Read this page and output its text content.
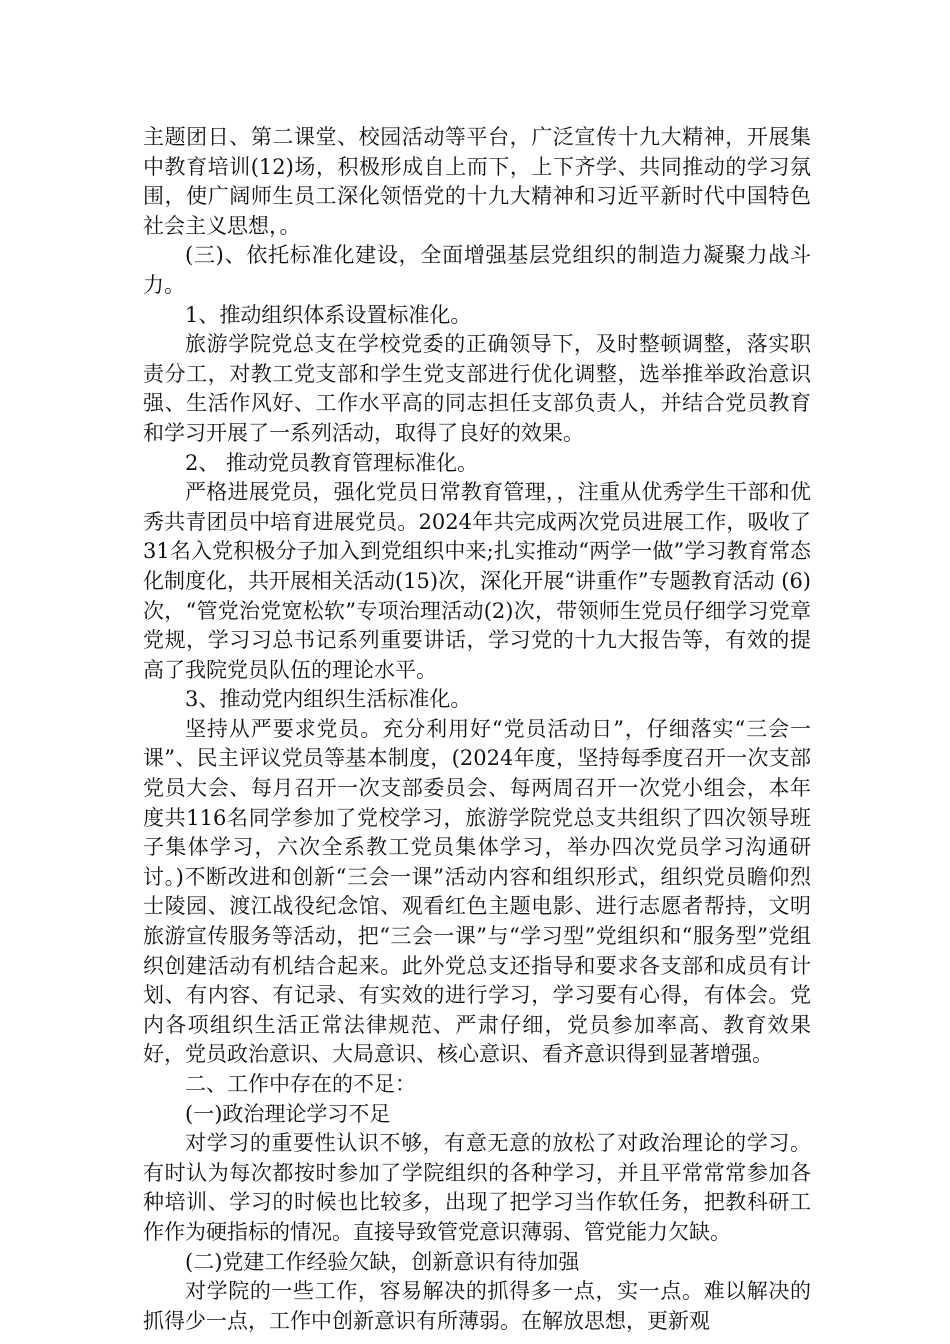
主题团日、第二课堂、校园活动等平台，广泛宣传十九大精神，开展集中教育培训(12)场，积极形成自上而下，上下齐学、共同推动的学习氛围，使广阔师生员工深化领悟党的十九大精神和习近平新时代中国特色社会主义思想，。

(三)、依托标准化建设，全面增强基层党组织的制造力凝聚力战斗力。

1、推动组织体系设置标准化。

旅游学院党总支在学校党委的正确领导下，及时整顿调整，落实职责分工，对教工党支部和学生党支部进行优化调整，选举推举政治意识强、生活作风好、工作水平高的同志担任支部负责人，并结合党员教育和学习开展了一系列活动，取得了良好的效果。

2、 推动党员教育管理标准化。

严格进展党员，强化党员日常教育管理，，注重从优秀学生干部和优秀共青团员中培育进展党员。2024年共完成两次党员进展工作，吸收了31名入党积极分子加入到党组织中来;扎实推动“两学一做”学习教育常态化制度化，共开展相关活动(15)次，深化开展“讲重作”专题教育活动 (6)次，“管党治党宽松软”专项治理活动(2)次，带领师生党员仔细学习党章党规，学习习总书记系列重要讲话，学习党的十九大报告等，有效的提高了我院党员队伍的理论水平。

3、推动党内组织生活标准化。

坚持从严要求党员。充分利用好“党员活动日”，仔细落实“三会一课”、民主评议党员等基本制度，(2024年度，坚持每季度召开一次支部党员大会、每月召开一次支部委员会、每两周召开一次党小组会，本年度共116名同学参加了党校学习，旅游学院党总支共组织了四次领导班子集体学习，六次全系教工党员集体学习，举办四次党员学习沟通研讨。)不断改进和创新“三会一课”活动内容和组织形式，组织党员瞻仰烈士陵园、渡江战役纪念馆、观看红色主题电影、进行志愿者帮持，文明旅游宣传服务等活动，把“三会一课”与“学习型”党组织和“服务型”党组织创建活动有机结合起来。此外党总支还指导和要求各支部和成员有计划、有内容、有记录、有实效的进行学习，学习要有心得，有体会。党内各项组织生活正常法律规范、严肃仔细，党员参加率高、教育效果好，党员政治意识、大局意识、核心意识、看齐意识得到显著增强。

二、工作中存在的不足：

(一)政治理论学习不足

对学习的重要性认识不够，有意无意的放松了对政治理论的学习。有时认为每次都按时参加了学院组织的各种学习，并且平常常常参加各种培训、学习的时候也比较多，出现了把学习当作软任务，把教科研工作作为硬指标的情况。直接导致管党意识薄弱、管党能力欠缺。

(二)党建工作经验欠缺，创新意识有待加强

对学院的一些工作，容易解决的抓得多一点，实一点。难以解决的抓得少一点，工作中创新意识有所薄弱。在解放思想，更新观
